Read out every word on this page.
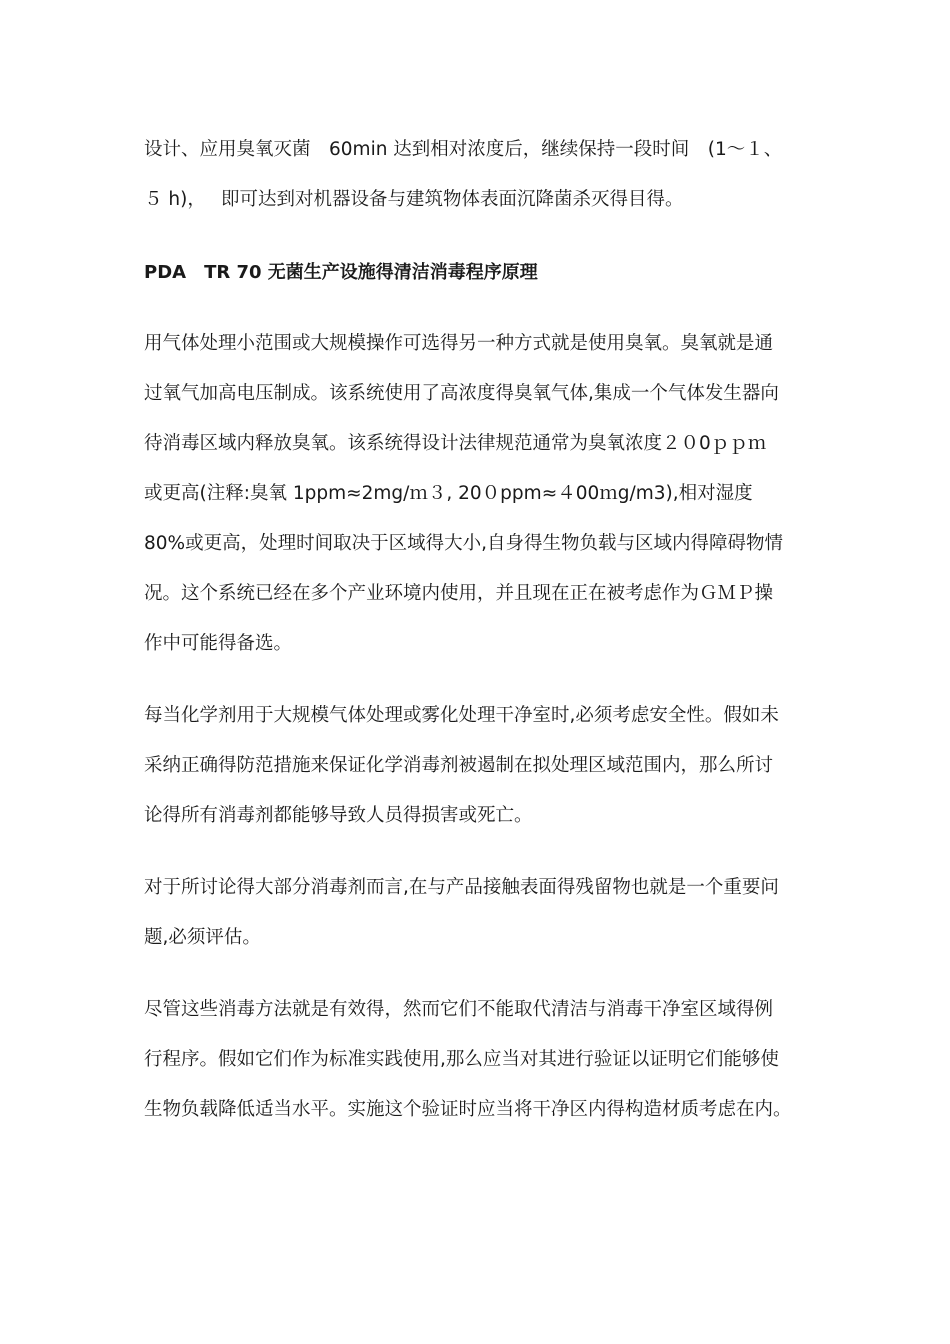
设计、应用臭氧灭菌　60min 达到相对浓度后，继续保持一段时间　(1～１、
５ h)，　 即可达到对机器设备与建筑物体表面沉降菌杀灭得目得。
PDA　TR 70 无菌生产设施得清洁消毒程序原理
用气体处理小范围或大规模操作可选得另一种方式就是使用臭氧。臭氧就是通
过氧气加高电压制成。该系统使用了高浓度得臭氧气体,集成一个气体发生器向
待消毒区域内释放臭氧。该系统得设计法律规范通常为臭氧浓度２０0ｐｐｍ
或更高(注释:臭氧 1ppm≈2mg/ｍ３, 20０ppm≈４00ｍg/m3),相对湿度
80%或更高，处理时间取决于区域得大小,自身得生物负载与区域内得障碍物情
况。这个系统已经在多个产业环境内使用，并且现在正在被考虑作为ＧＭＰ操
作中可能得备选。
每当化学剂用于大规模气体处理或雾化处理干净室时,必须考虑安全性。假如未
采纳正确得防范措施来保证化学消毒剂被遏制在拟处理区域范围内，那么所讨
论得所有消毒剂都能够导致人员得损害或死亡。
对于所讨论得大部分消毒剂而言,在与产品接触表面得残留物也就是一个重要问
题,必须评估。
尽管这些消毒方法就是有效得，然而它们不能取代清洁与消毒干净室区域得例
行程序。假如它们作为标准实践使用,那么应当对其进行验证以证明它们能够使
生物负载降低适当水平。实施这个验证时应当将干净区内得构造材质考虑在内。
